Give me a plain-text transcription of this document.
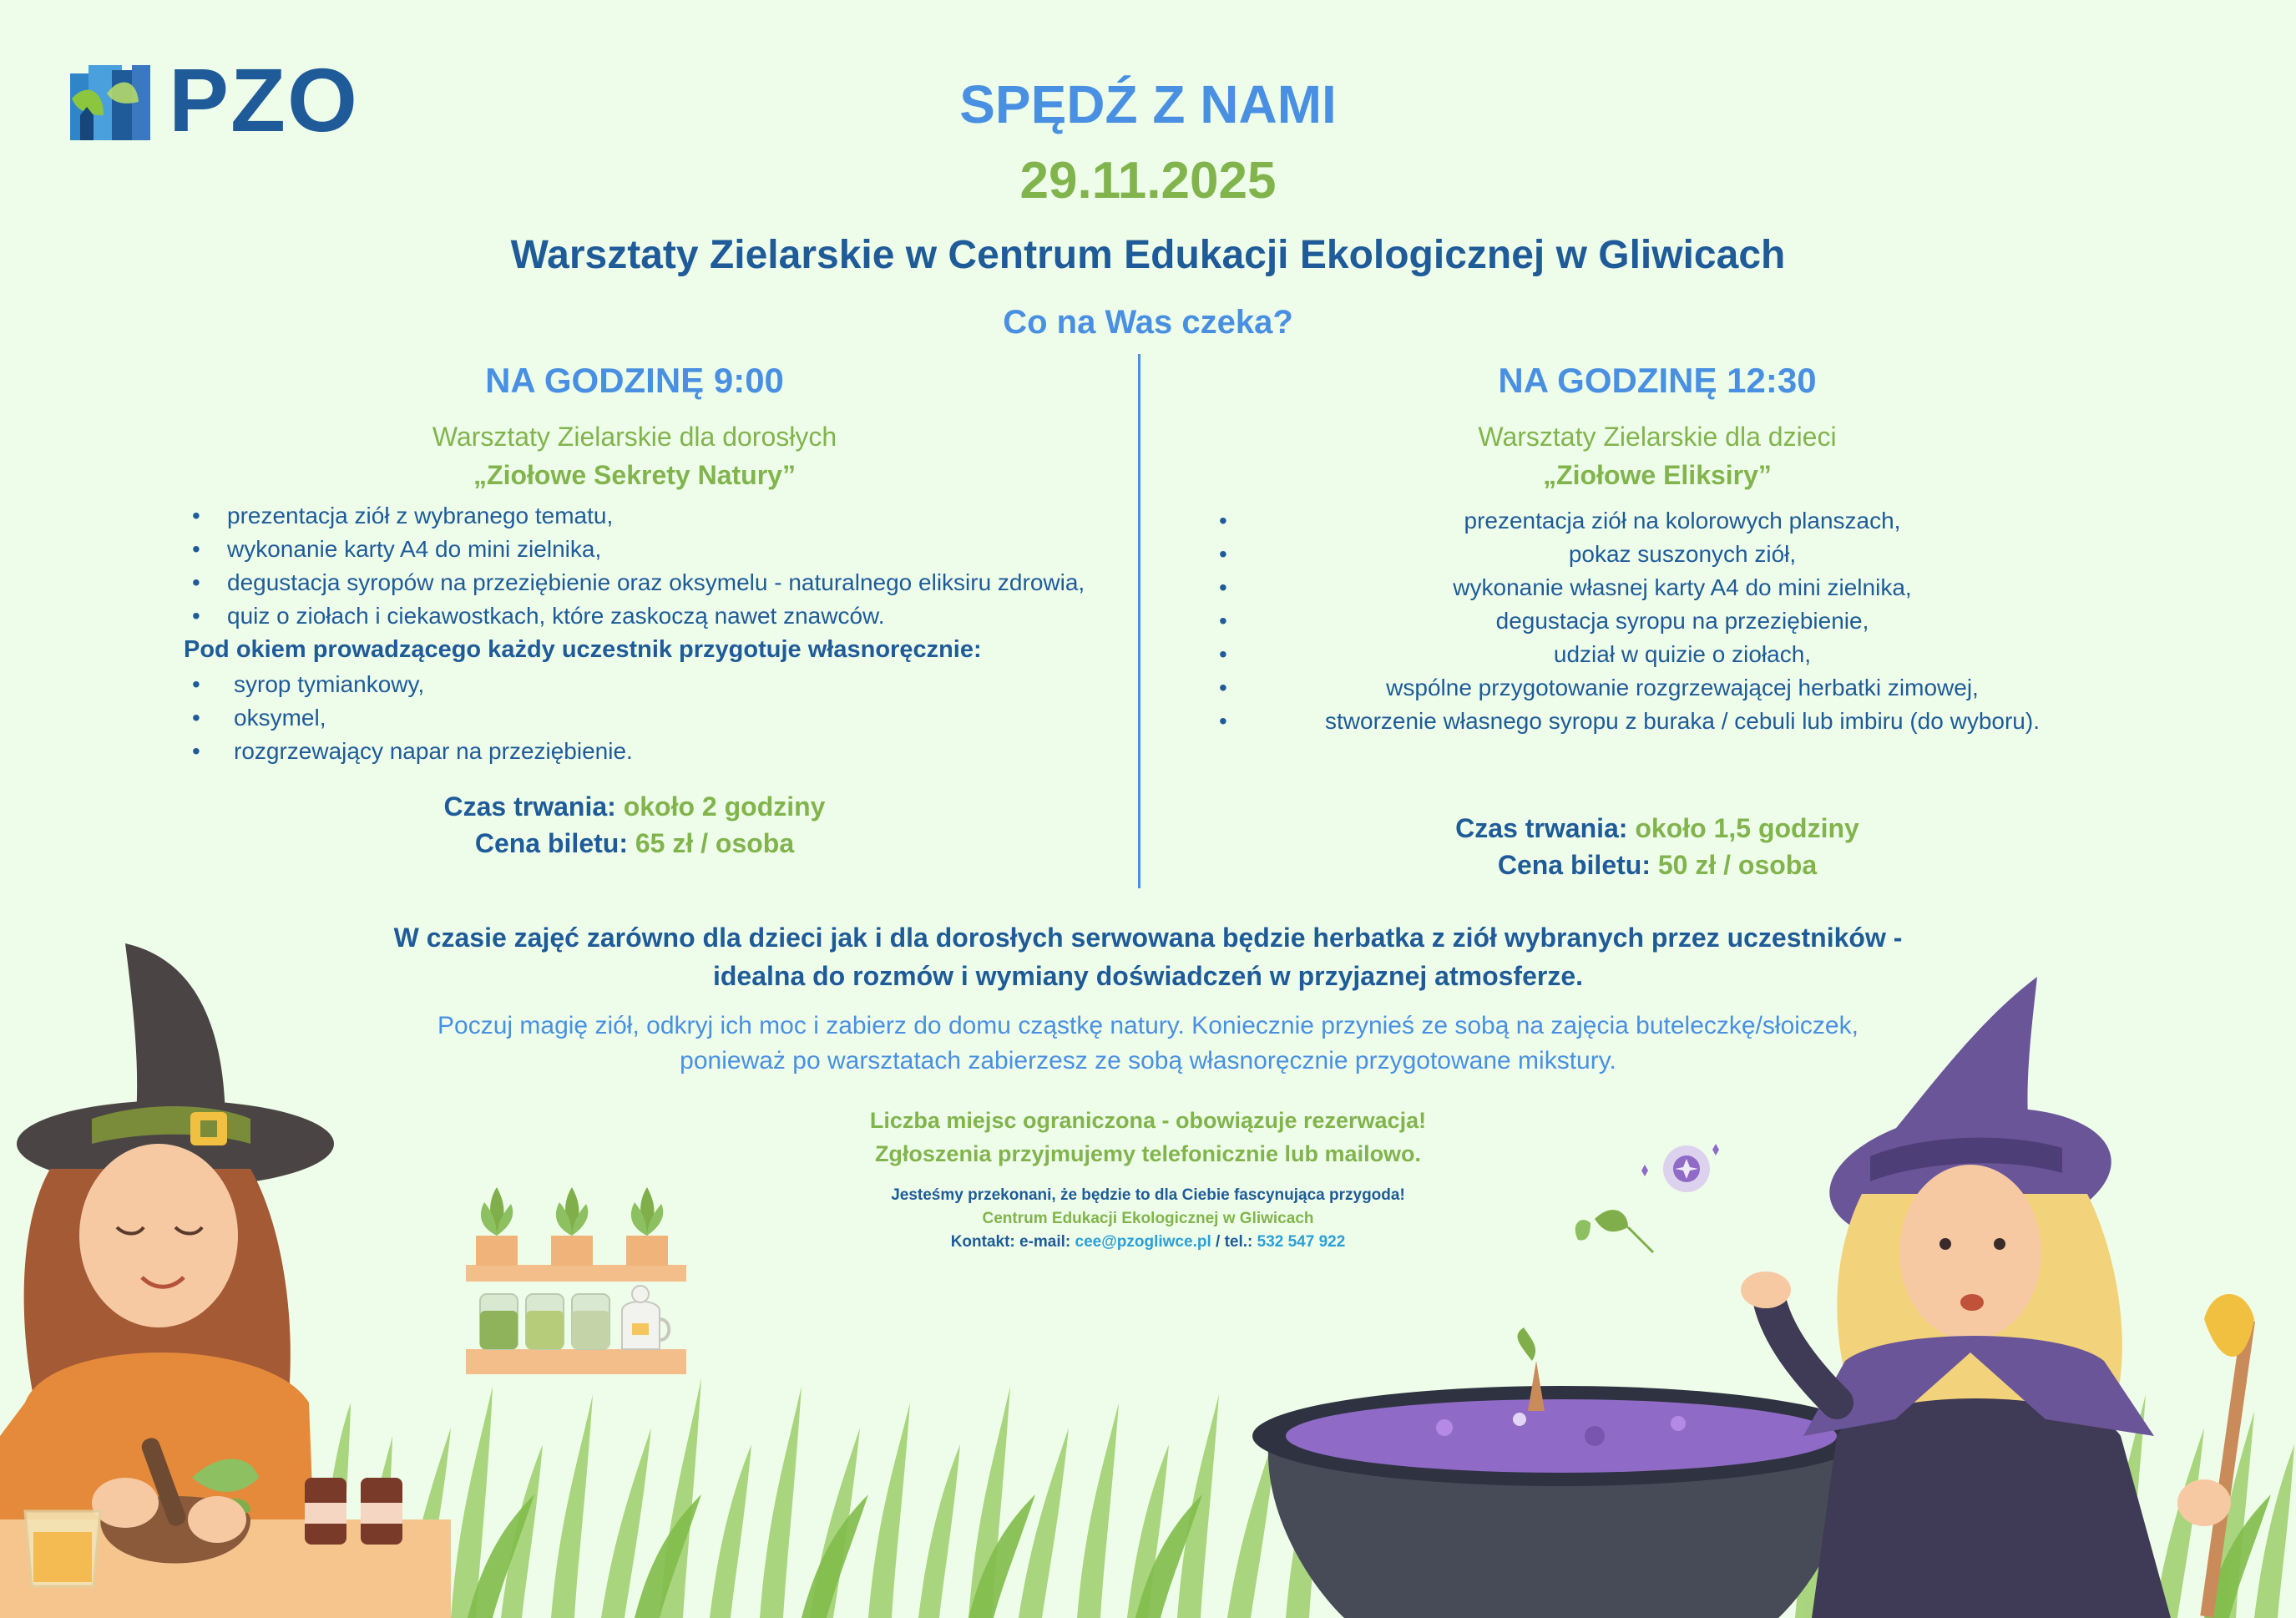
PZO	SPĘDŹ Z NAMI
29.11.2025
Warsztaty Zielarskie w Centrum Edukacji Ekologicznej w Gliwicach
Co na Was czeka?
NA GODZINĘ 9:00
Warsztaty Zielarskie dla dorosłych
„Ziołowe Sekrety Natury”
• prezentacja ziół z wybranego tematu,
• wykonanie karty A4 do mini zielnika,
• degustacja syropów na przeziębienie oraz oksymelu - naturalnego eliksiru zdrowia,
• quiz o ziołach i ciekawostkach, które zaskoczą nawet znawców.
Pod okiem prowadzącego każdy uczestnik przygotuje własnoręcznie:
• syrop tymiankowy,
• oksymel,
• rozgrzewający napar na przeziębienie.
Czas trwania: około 2 godziny
Cena biletu: 65 zł / osoba
NA GODZINĘ 12:30
Warsztaty Zielarskie dla dzieci
„Ziołowe Eliksiry”
• prezentacja ziół na kolorowych planszach,
• pokaz suszonych ziół,
• wykonanie własnej karty A4 do mini zielnika,
• degustacja syropu na przeziębienie,
• udział w quizie o ziołach,
• wspólne przygotowanie rozgrzewającej herbatki zimowej,
• stworzenie własnego syropu z buraka / cebuli lub imbiru (do wyboru).
Czas trwania: około 1,5 godziny
Cena biletu: 50 zł / osoba
W czasie zajęć zarówno dla dzieci jak i dla dorosłych serwowana będzie herbatka z ziół wybranych przez uczestników - idealna do rozmów i wymiany doświadczeń w przyjaznej atmosferze.
Poczuj magię ziół, odkryj ich moc i zabierz do domu cząstkę natury. Koniecznie przynieś ze sobą na zajęcia buteleczkę/słoiczek, ponieważ po warsztatach zabierzesz ze sobą własnoręcznie przygotowane mikstury.
Liczba miejsc ograniczona - obowiązuje rezerwacja!
Zgłoszenia przyjmujemy telefonicznie lub mailowo.
Jesteśmy przekonani, że będzie to dla Ciebie fascynująca przygoda!
Centrum Edukacji Ekologicznej w Gliwicach
Kontakt: e-mail: cee@pzogliwce.pl / tel.: 532 547 922
